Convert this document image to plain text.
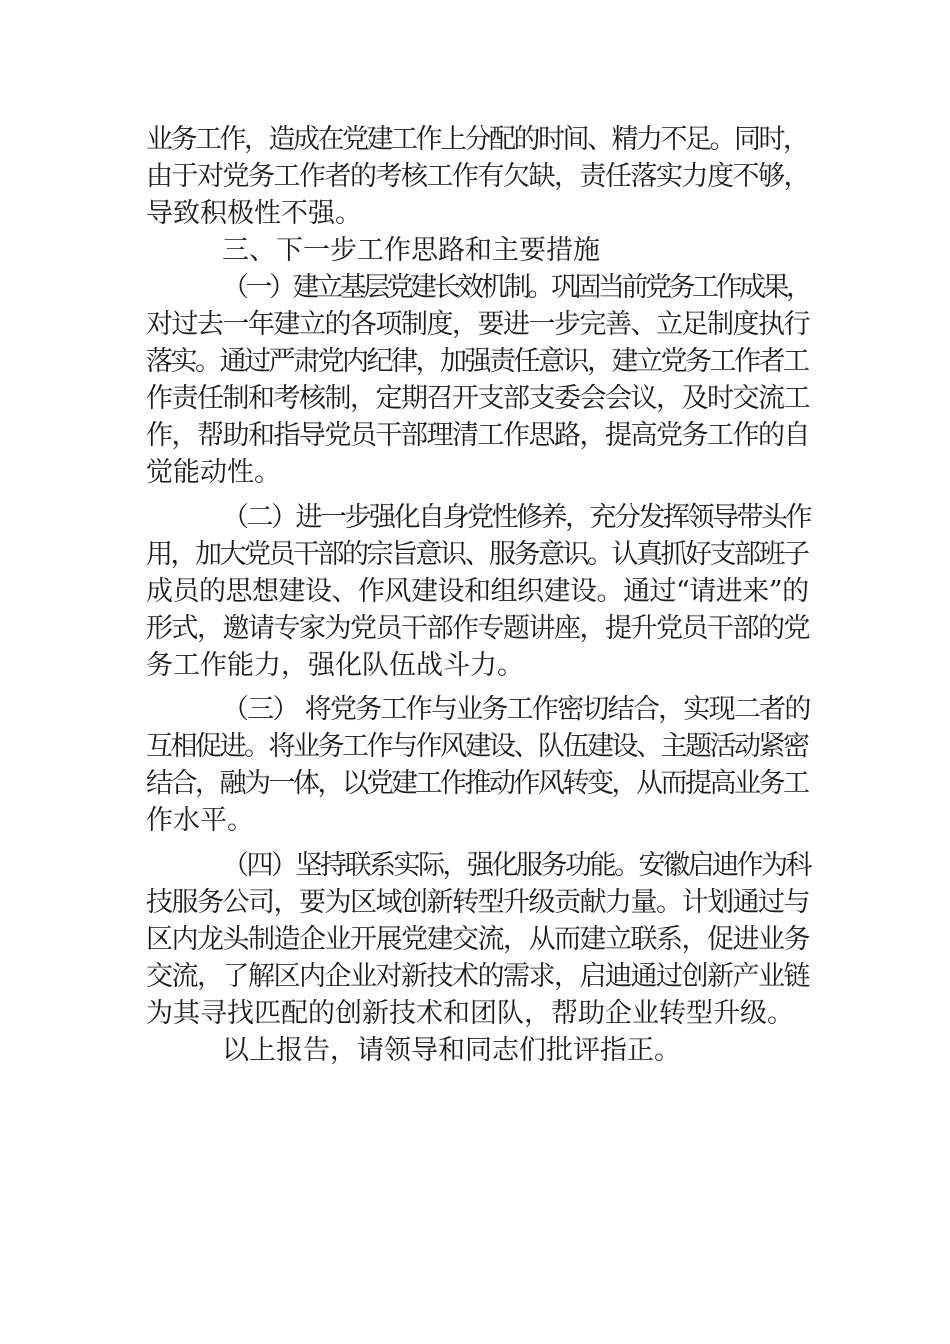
业务工作，造成在党建工作上分配的时间、精力不足。同时，

由于对党务工作者的考核工作有欠缺，责任落实力度不够，

导致积极性不强。

三、下一步工作思路和主要措施

（一）建立基层党建长效机制。巩固当前党务工作成果，

对过去一年建立的各项制度，要进一步完善、立足制度执行

落实。通过严肃党内纪律，加强责任意识，建立党务工作者工

作责任制和考核制，定期召开支部支委会会议，及时交流工

作，帮助和指导党员干部理清工作思路，提高党务工作的自

觉能动性。

（二）进一步强化自身党性修养，充分发挥领导带头作

用，加大党员干部的宗旨意识、服务意识。认真抓好支部班子

成员的思想建设、作风建设和组织建设。通过“请进来”的

形式，邀请专家为党员干部作专题讲座，提升党员干部的党

务工作能力，强化队伍战斗力。

（三） 将党务工作与业务工作密切结合，实现二者的

互相促进。将业务工作与作风建设、队伍建设、主题活动紧密

结合，融为一体，以党建工作推动作风转变，从而提高业务工

作水平。

（四）坚持联系实际，强化服务功能。安徽启迪作为科

技服务公司，要为区域创新转型升级贡献力量。计划通过与

区内龙头制造企业开展党建交流，从而建立联系，促进业务

交流，了解区内企业对新技术的需求，启迪通过创新产业链

为其寻找匹配的创新技术和团队，帮助企业转型升级。

以上报告，请领导和同志们批评指正。
